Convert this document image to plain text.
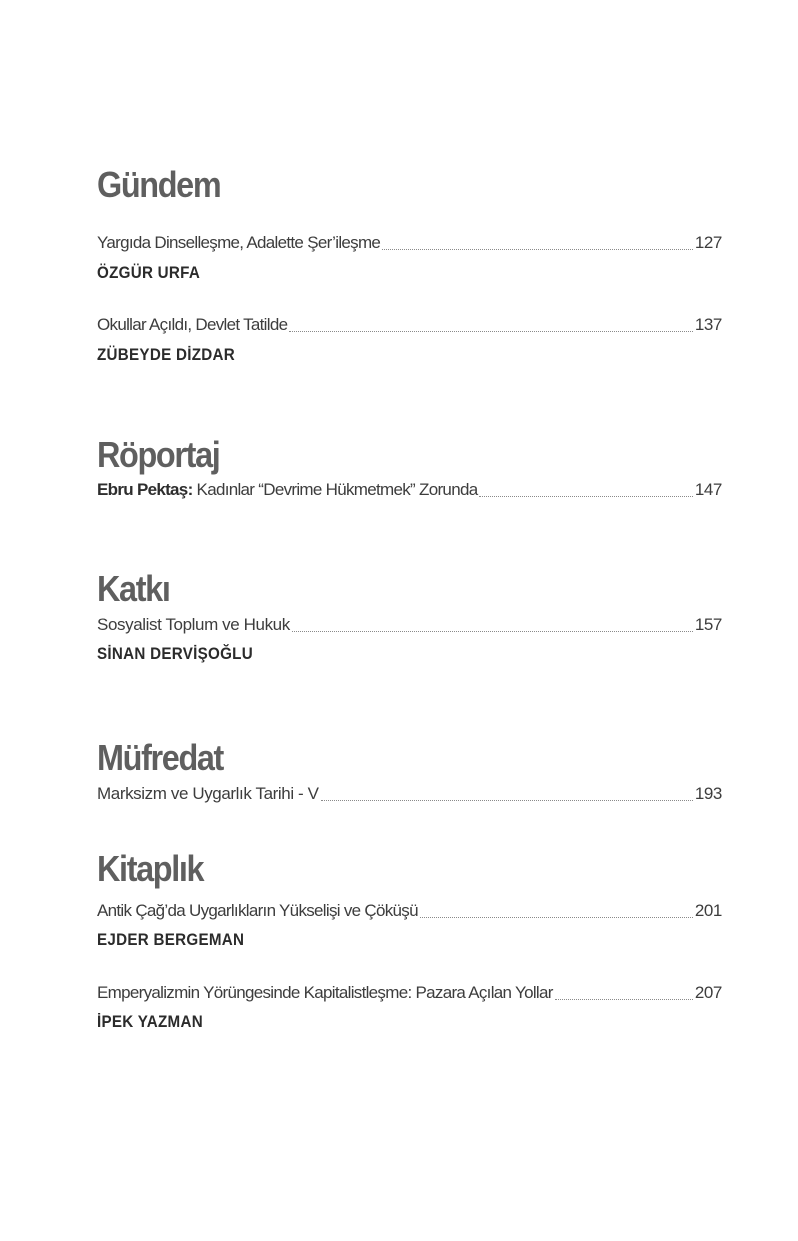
Gündem
Yargıda Dinselleşme, Adalette Şer’ileşme	127

ÖZGÜR URFA

Okullar Açıldı, Devlet Tatilde	137

ZÜBEYDE DİZDAR

Röportaj
Ebru Pektaş: Kadınlar “Devrime Hükmetmek” Zorunda	147
Katkı
Sosyalist Toplum ve Hukuk	157

SİNAN DERVİŞOĞLU

Müfredat
Marksizm ve Uygarlık Tarihi - V	193
Kitaplık
Antik Çağ’da Uygarlıkların Yükselişi ve Çöküşü	201

EJDER BERGEMAN

Emperyalizmin Yörüngesinde Kapitalistleşme: Pazara Açılan Yollar	207

İPEK YAZMAN
